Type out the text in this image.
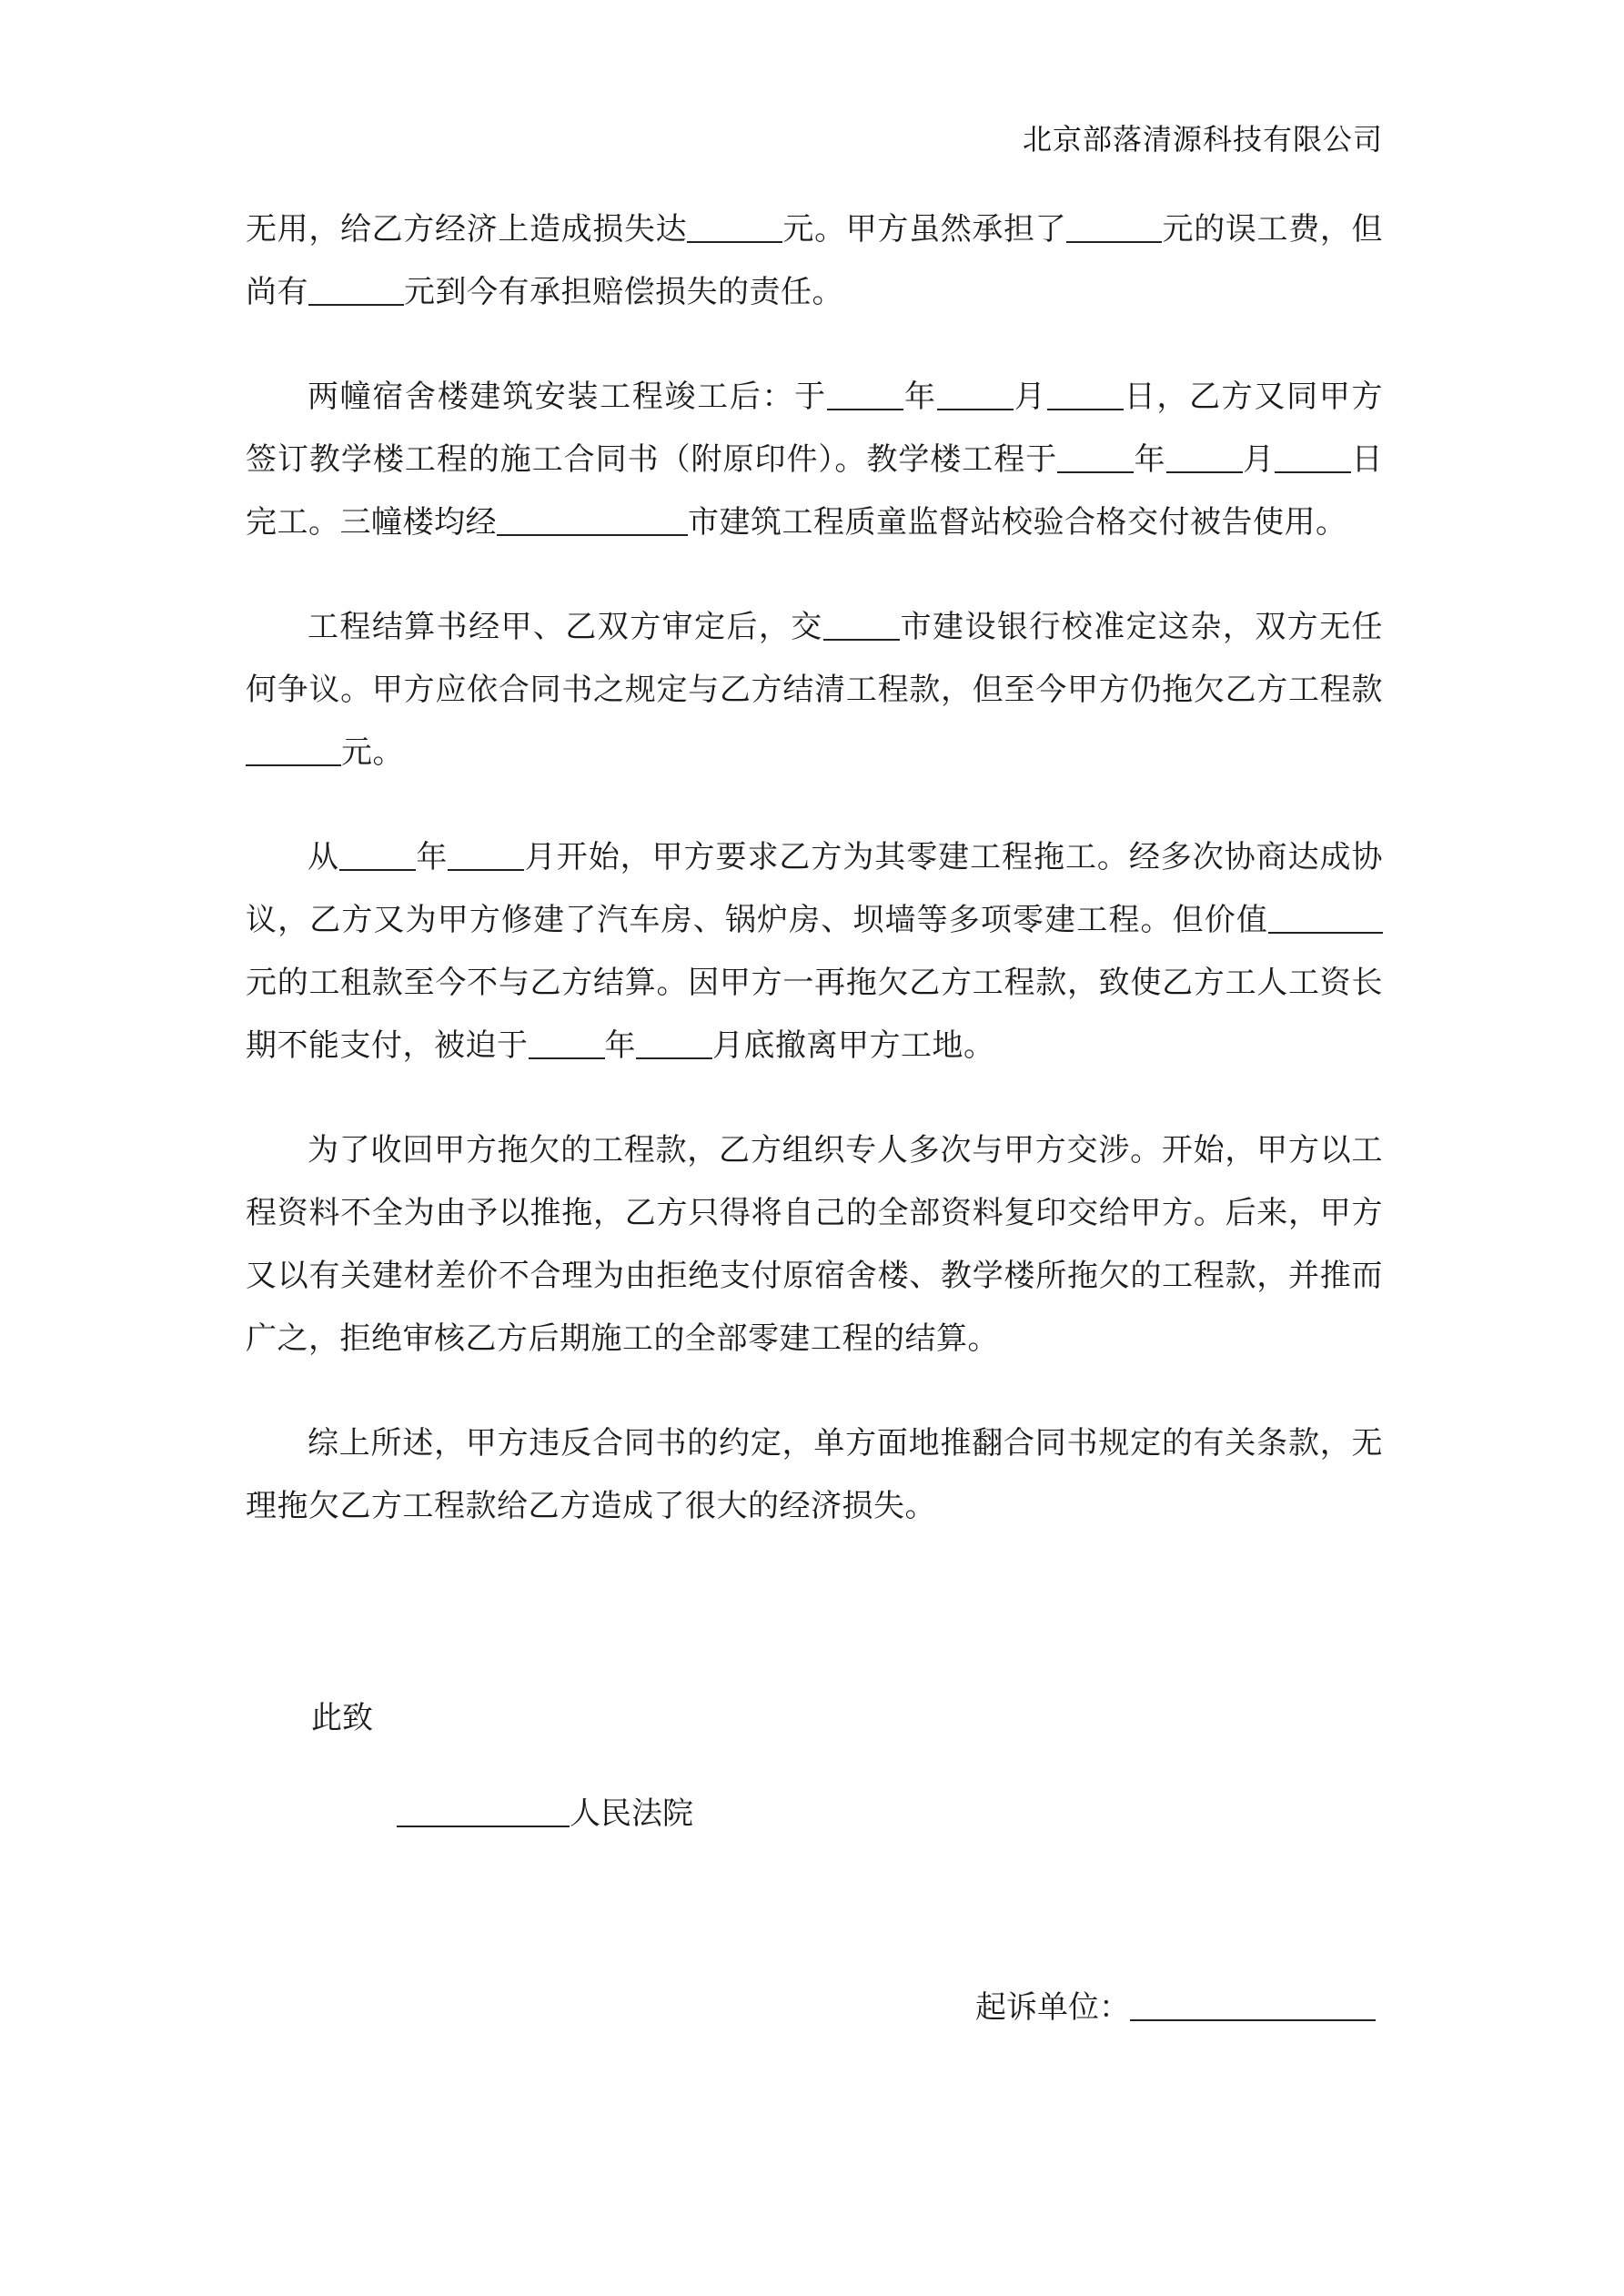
北京部落清源科技有限公司

无用，给乙方经济上造成损失达	元。甲方虽然承担了	元的误工费，但尚有	元到今有承担赔偿损失的责任。

两幢宿舍楼建筑安装工程竣工后：于 年 月 日，乙方又同甲方签订教学楼工程的施工合同书（附原印件）。教学楼工程于 年 月 日完工。三幢楼均经	市建筑工程质童监督站校验合格交付被告使用。

工程结算书经甲、乙双方审定后，交 市建设银行校准定这杂，双方无任何争议。甲方应依合同书之规定与乙方结清工程款，但至今甲方仍拖欠乙方工程款元。

从 年 月开始，甲方要求乙方为其零建工程拖工。经多次协商达成协议，乙方又为甲方修建了汽车房、锅炉房、坝墙等多项零建工程。但价值元的工租款至今不与乙方结算。因甲方一再拖欠乙方工程款，致使乙方工人工资长期不能支付，被迫于 年 月底撤离甲方工地。

为了收回甲方拖欠的工程款，乙方组织专人多次与甲方交涉。开始，甲方以工程资料不全为由予以推拖，乙方只得将自己的全部资料复印交给甲方。后来，甲方又以有关建材差价不合理为由拒绝支付原宿舍楼、教学楼所拖欠的工程款，并推而广之，拒绝审核乙方后期施工的全部零建工程的结算。

综上所述，甲方违反合同书的约定，单方面地推翻合同书规定的有关条款，无理拖欠乙方工程款给乙方造成了很大的经济损失。

此致
人民法院
起诉单位：
